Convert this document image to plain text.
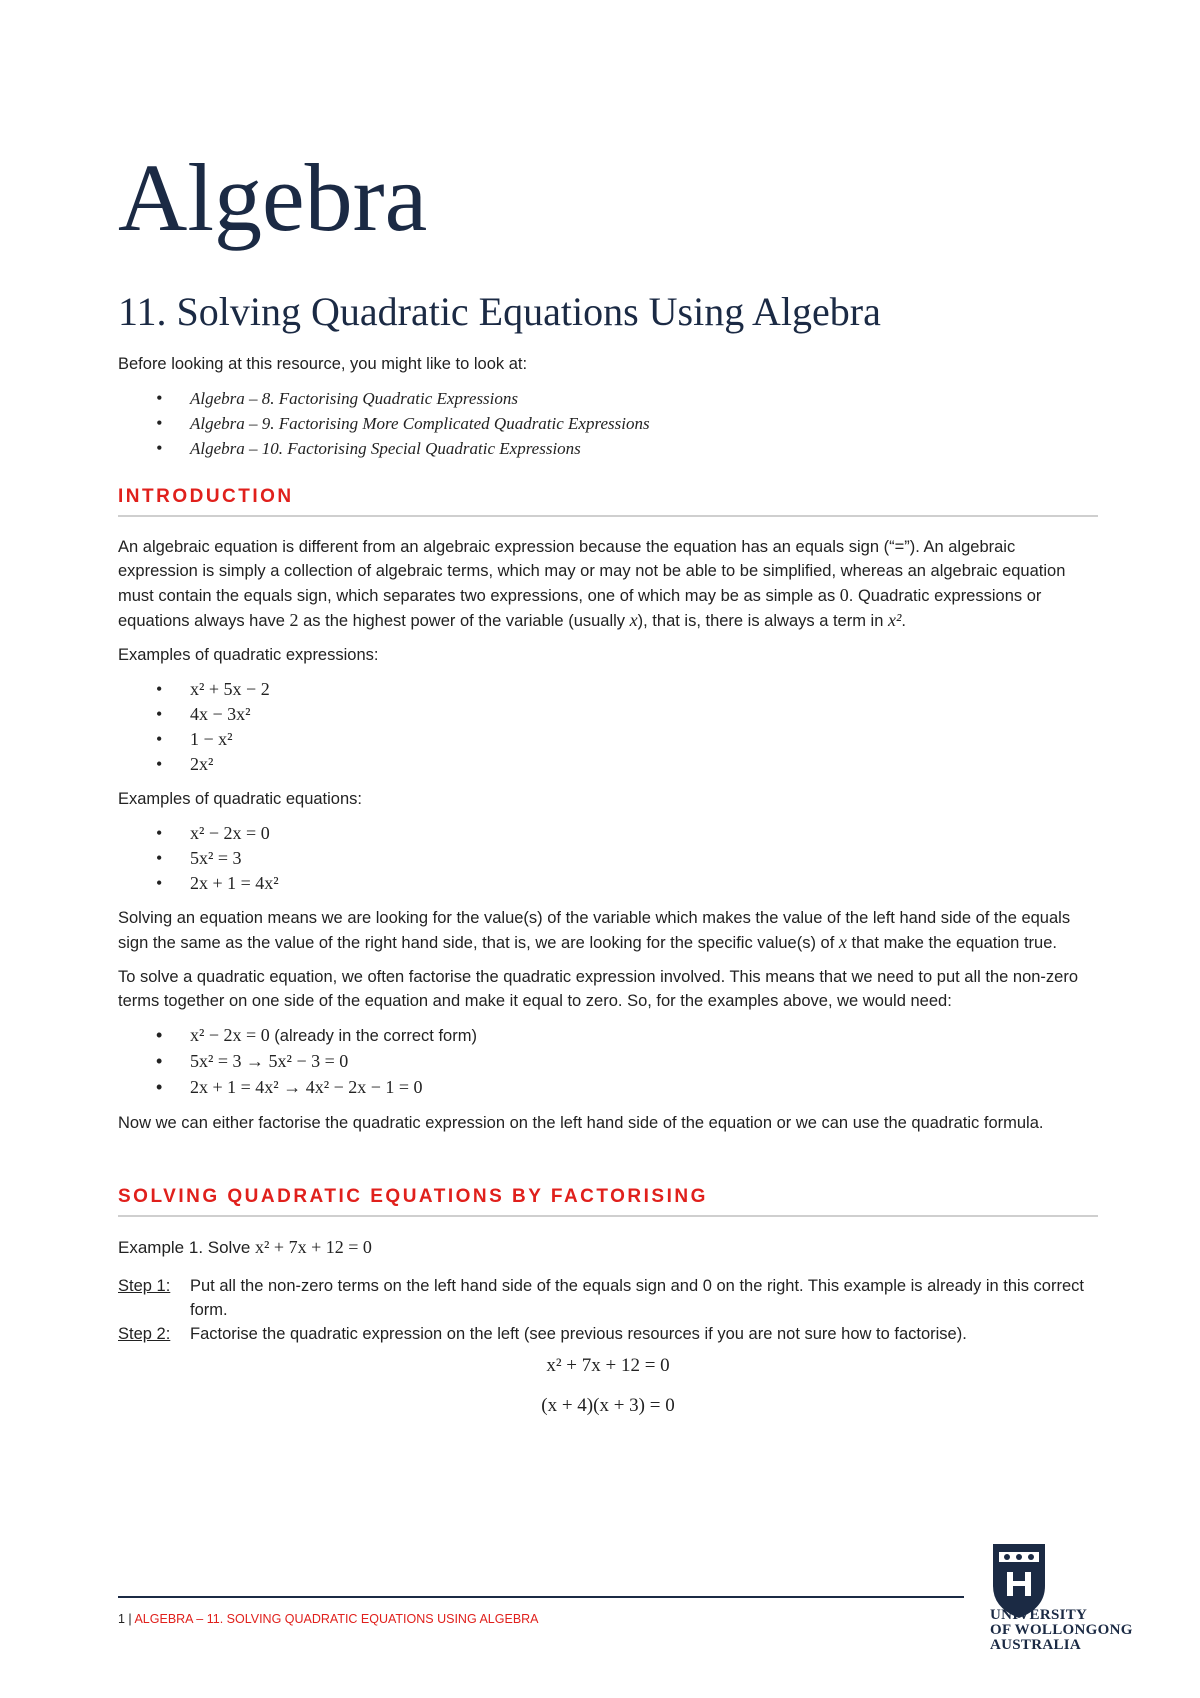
Algebra
11. Solving Quadratic Equations Using Algebra

Before looking at this resource, you might like to look at:

• Algebra – 8. Factorising Quadratic Expressions
• Algebra – 9. Factorising More Complicated Quadratic Expressions
• Algebra – 10. Factorising Special Quadratic Expressions
INTRODUCTION

An algebraic equation is different from an algebraic expression because the equation has an equals sign (“=”). An algebraic expression is simply a collection of algebraic terms, which may or may not be able to be simplified, whereas an algebraic equation must contain the equals sign, which separates two expressions, one of which may be as simple as 0. Quadratic expressions or equations always have 2 as the highest power of the variable (usually x), that is, there is always a term in x².

Examples of quadratic expressions:

• x² + 5x − 2
• 4x − 3x²
• 1 − x²
• 2x²

Examples of quadratic equations:

• x² − 2x = 0
• 5x² = 3
• 2x + 1 = 4x²

Solving an equation means we are looking for the value(s) of the variable which makes the value of the left hand side of the equals sign the same as the value of the right hand side, that is, we are looking for the specific value(s) of x that make the equation true.

To solve a quadratic equation, we often factorise the quadratic expression involved. This means that we need to put all the non-zero terms together on one side of the equation and make it equal to zero. So, for the examples above, we would need:

• x² − 2x = 0 (already in the correct form)
• 5x² = 3 → 5x² − 3 = 0
• 2x + 1 = 4x² → 4x² − 2x − 1 = 0

Now we can either factorise the quadratic expression on the left hand side of the equation or we can use the quadratic formula.

SOLVING QUADRATIC EQUATIONS BY FACTORISING

Example 1. Solve x² + 7x + 12 = 0

Step 1:	Put all the non-zero terms on the left hand side of the equals sign and 0 on the right. This example is already in this correct form.
Step 2:	Factorise the quadratic expression on the left (see previous resources if you are not sure how to factorise).
x² + 7x + 12 = 0
(x + 4)(x + 3) = 0
1 | ALGEBRA – 11. SOLVING QUADRATIC EQUATIONS USING ALGEBRA	UNIVERSITY
OF WOLLONGONG
AUSTRALIA
